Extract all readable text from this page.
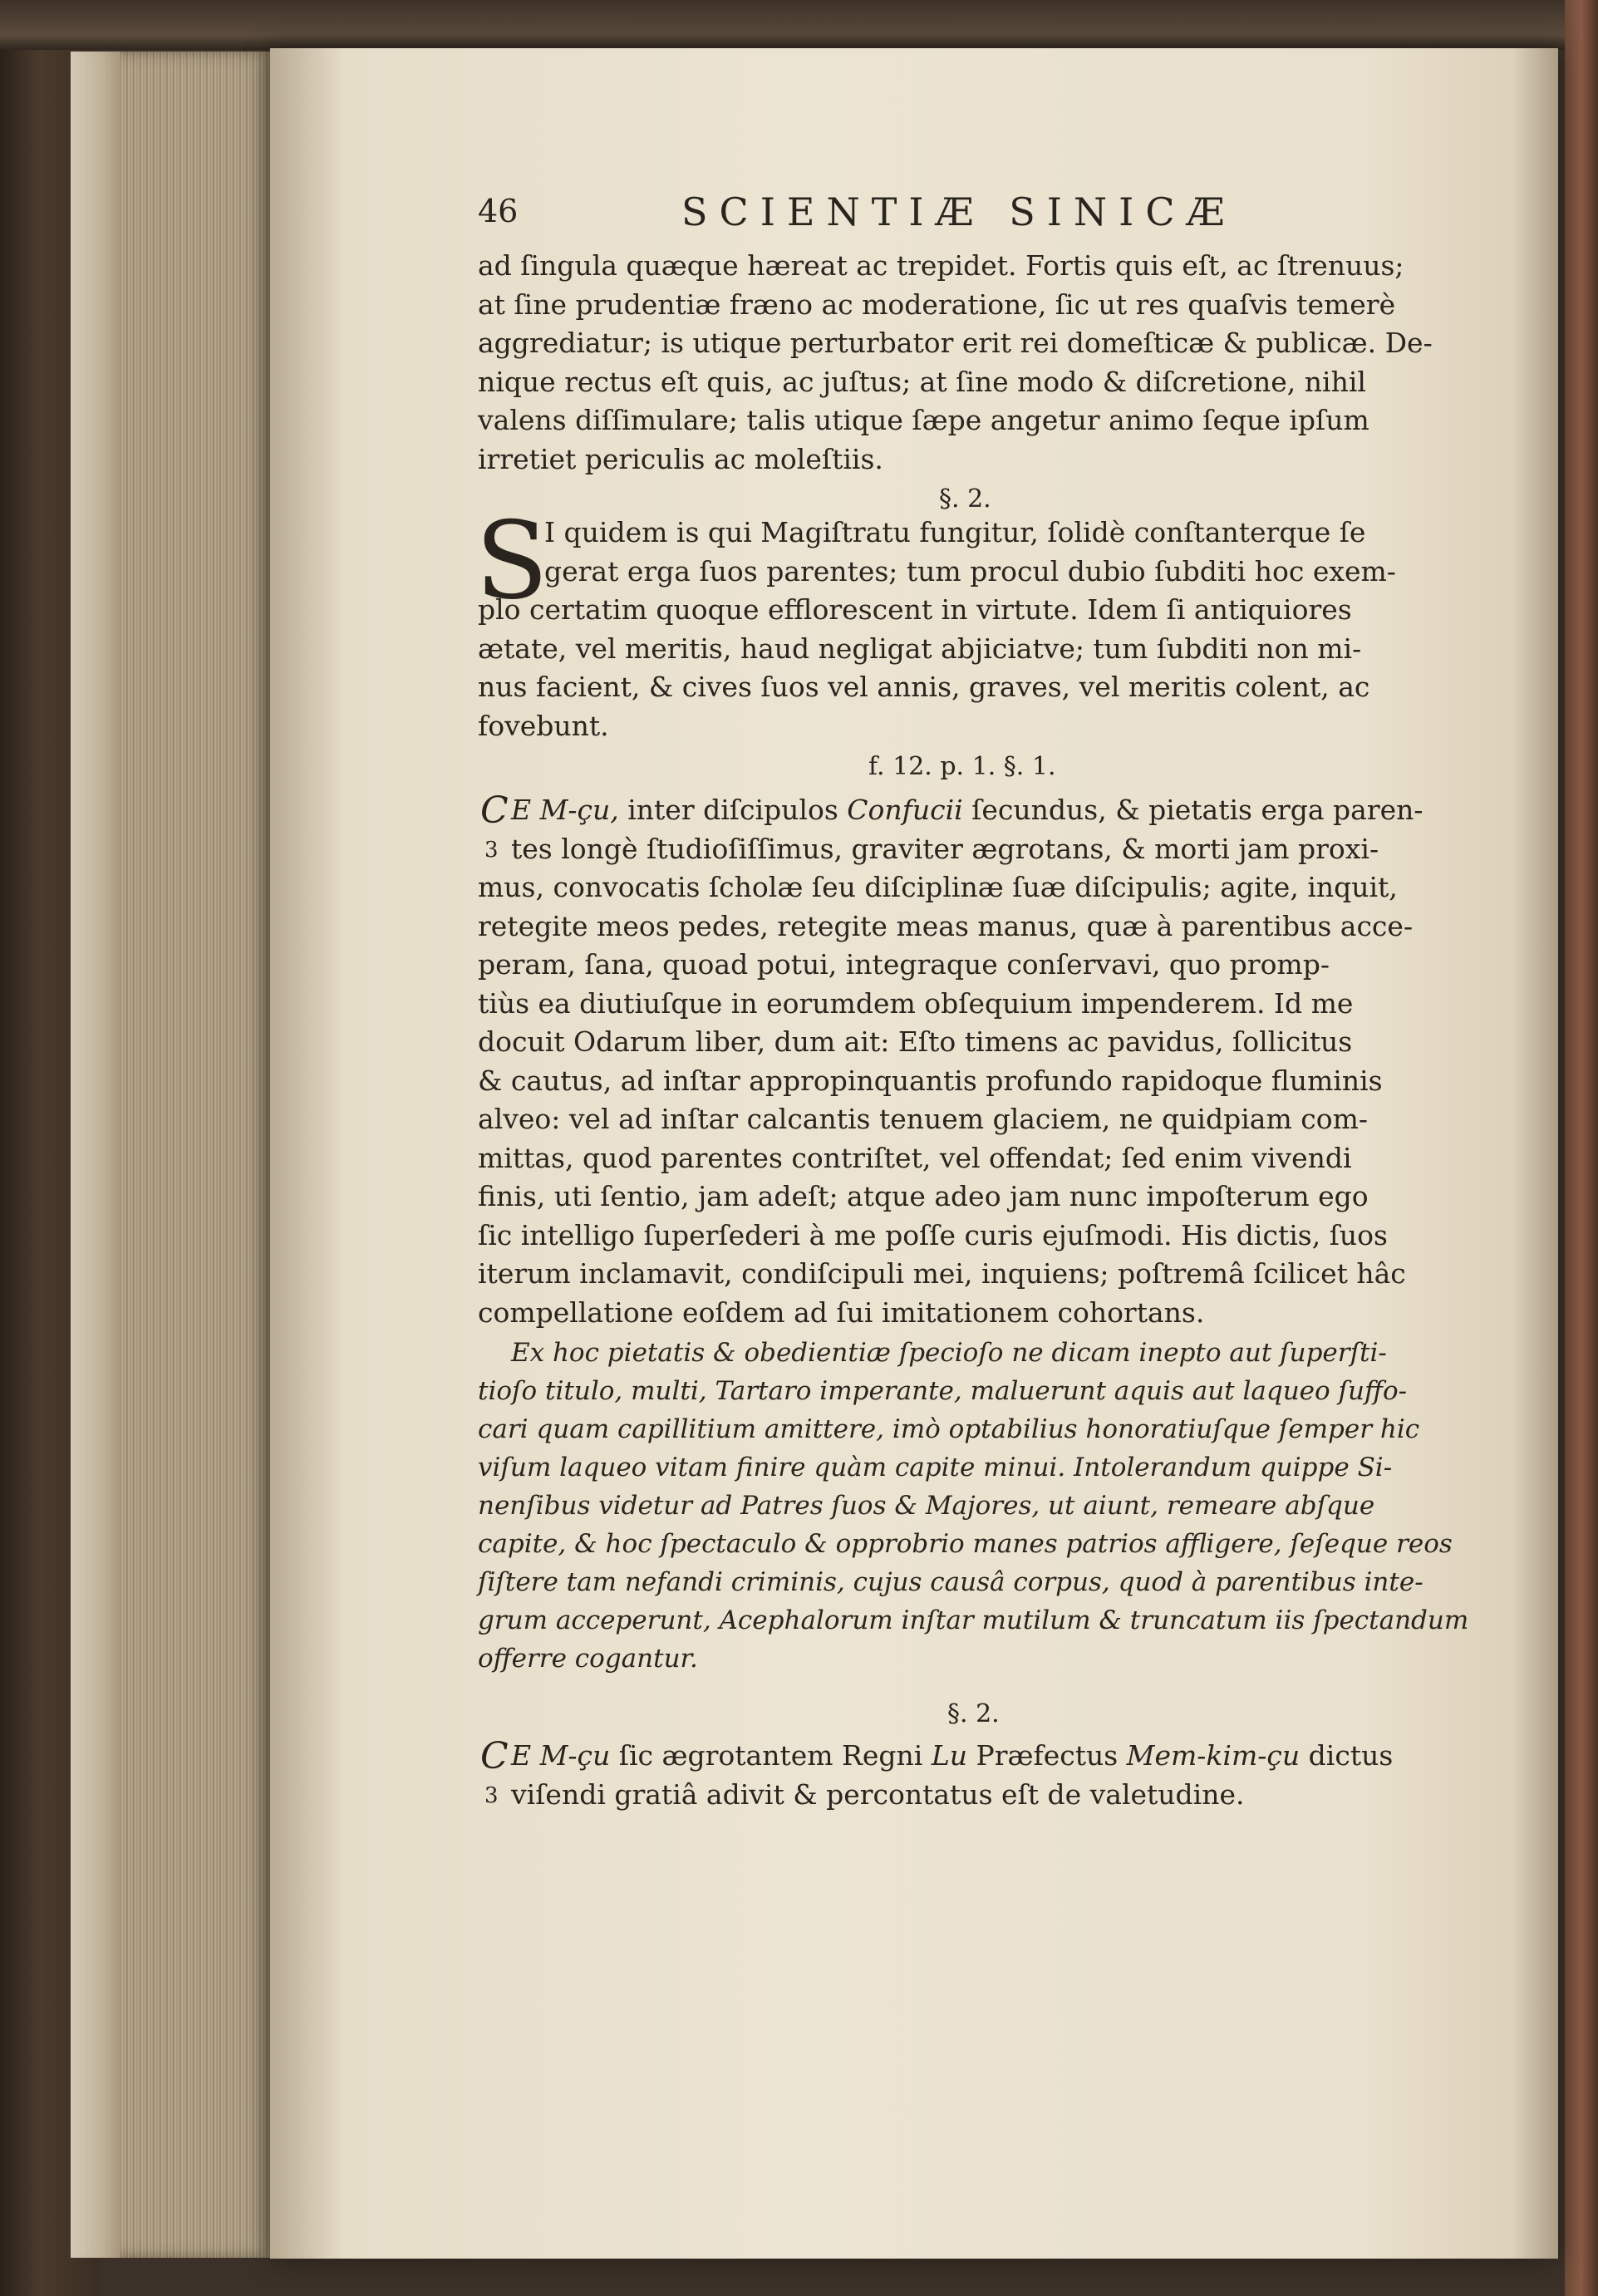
46	SCIENTIÆ SINICÆ
ad ſingula quæque hæreat ac trepidet. Fortis quis eſt, ac ſtrenuus;
at ſine prudentiæ fræno ac moderatione, ſic ut res quaſvis temerè
aggrediatur; is utique perturbator erit rei domeſticæ & publicæ. De-
nique rectus eſt quis, ac juſtus; at ſine modo & diſcretione, nihil
valens diſſimulare; talis utique ſæpe angetur animo ſeque ipſum
irretiet periculis ac moleſtiis.
§. 2.
S
I quidem is qui Magiſtratu fungitur, ſolidè conſtanterque ſe
gerat erga ſuos parentes; tum procul dubio ſubditi hoc exem-
plo certatim quoque efflorescent in virtute. Idem ſi antiquiores
ætate, vel meritis, haud negligat abjiciatve; tum ſubditi non mi-
nus facient, & cives ſuos vel annis, graves, vel meritis colent, ac
fovebunt.
f. 12. p. 1. §. 1.
C
3
E M-çu, inter diſcipulos Confucii ſecundus, & pietatis erga paren-
tes longè ſtudioſiſſimus, graviter ægrotans, & morti jam proxi-
mus, convocatis ſcholæ ſeu diſciplinæ ſuæ diſcipulis; agite, inquit,
retegite meos pedes, retegite meas manus, quæ à parentibus acce-
peram, ſana, quoad potui, integraque conſervavi, quo promp-
tiùs ea diutiuſque in eorumdem obſequium impenderem. Id me
docuit Odarum liber, dum ait: Eſto timens ac pavidus, ſollicitus
& cautus, ad inſtar appropinquantis profundo rapidoque fluminis
alveo: vel ad inſtar calcantis tenuem glaciem, ne quidpiam com-
mittas, quod parentes contriſtet, vel offendat; ſed enim vivendi
finis, uti ſentio, jam adeſt; atque adeo jam nunc impoſterum ego
ſic intelligo ſuperſederi à me poſſe curis ejuſmodi. His dictis, ſuos
iterum inclamavit, condiſcipuli mei, inquiens; poſtremâ ſcilicet hâc
compellatione eoſdem ad ſui imitationem cohortans.
Ex hoc pietatis & obedientiæ ſpecioſo ne dicam inepto aut ſuperſti-
tioſo titulo, multi, Tartaro imperante, maluerunt aquis aut laqueo ſuffo-
cari quam capillitium amittere, imò optabilius honoratiuſque ſemper hic
viſum laqueo vitam finire quàm capite minui. Intolerandum quippe Si-
nenſibus videtur ad Patres ſuos & Majores, ut aiunt, remeare abſque
capite, & hoc ſpectaculo & opprobrio manes patrios affligere, ſeſeque reos
ſiſtere tam nefandi criminis, cujus causâ corpus, quod à parentibus inte-
grum acceperunt, Acephalorum inſtar mutilum & truncatum iis ſpectandum
offerre cogantur.
§. 2.
C
3
E M-çu ſic ægrotantem Regni Lu Præfectus Mem-kim-çu dictus
viſendi gratiâ adivit & percontatus eſt de valetudine.
